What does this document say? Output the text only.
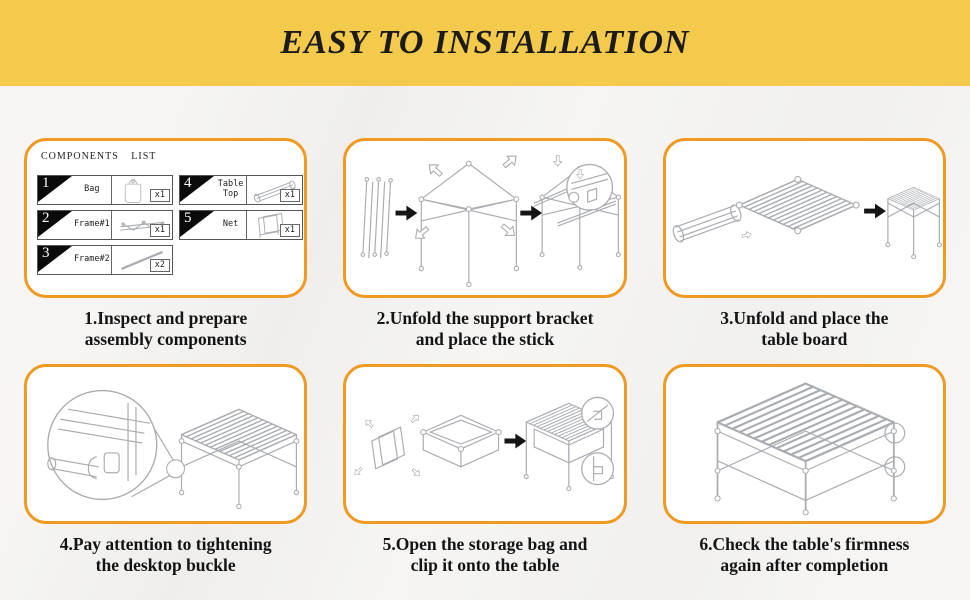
EASY TO INSTALLATION
COMPONENTS LIST
1	Bag
x1
2	Frame#1
x1
3	Frame#2
x2
4	Table Top	x1
5	Net
x1

1.Inspect and prepare
assembly components

2.Unfold the support bracket
and place the stick

3.Unfold and place the
table board

4.Pay attention to tightening
the desktop buckle

5.Open the storage bag and
clip it onto the table

6.Check the table's firmness
again after completion
